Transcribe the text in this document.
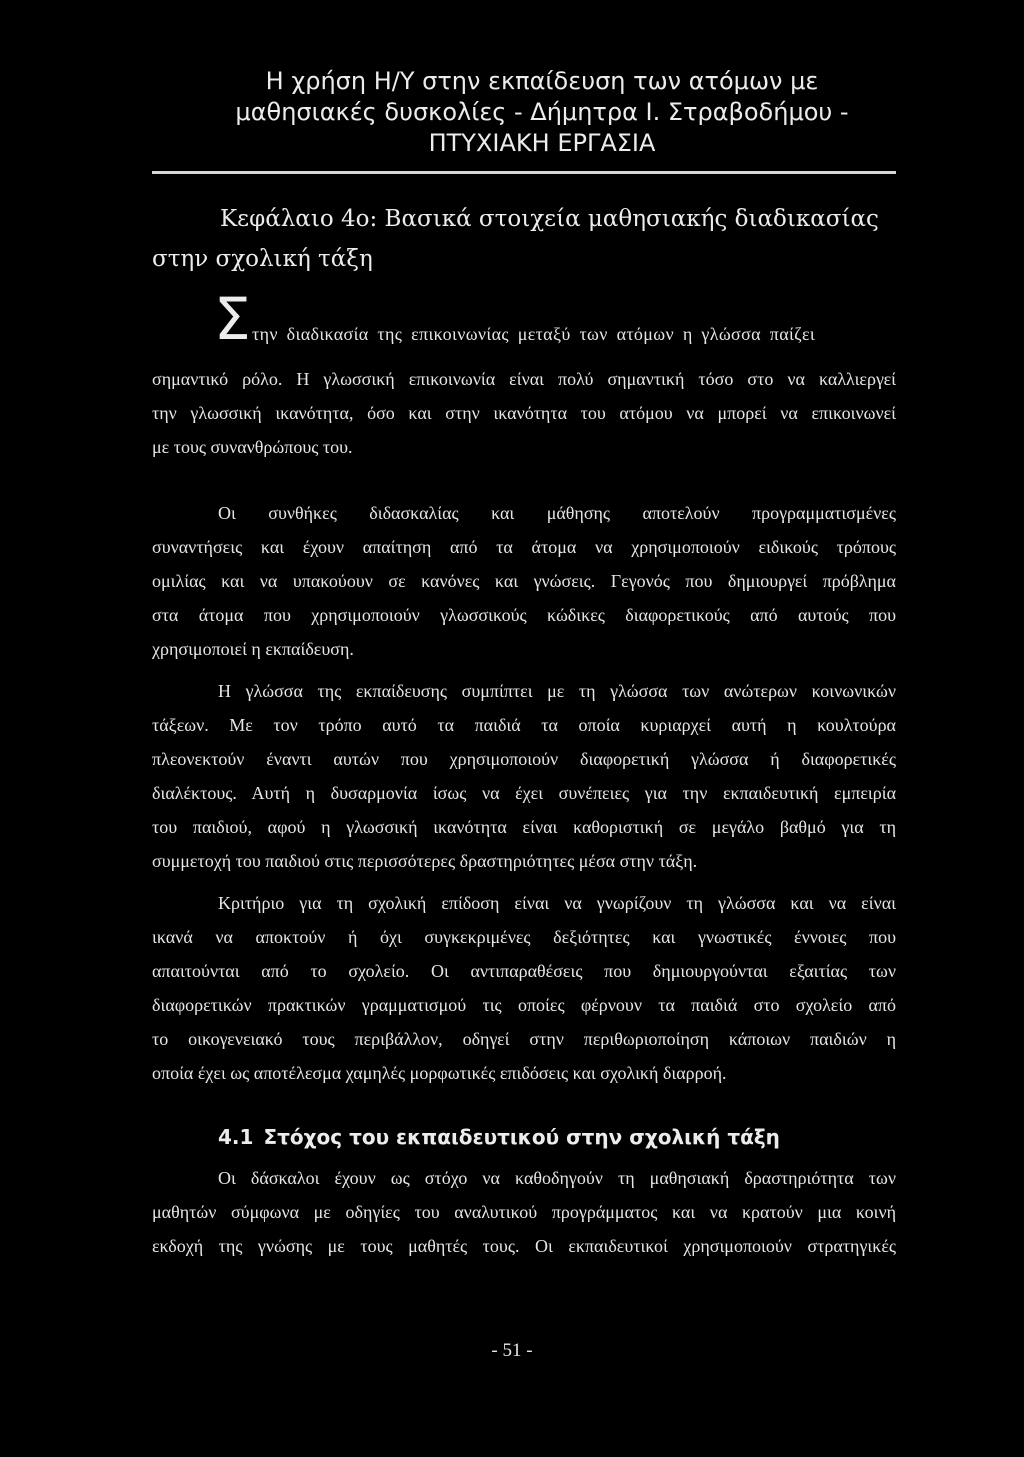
Η χρήση Η/Υ στην εκπαίδευση των ατόμων με
μαθησιακές δυσκολίες - Δήμητρα Ι. Στραβοδήμου -
ΠΤΥΧΙΑΚΗ ΕΡΓΑΣΙΑ
Κεφάλαιο 4ο: Βασικά στοιχεία μαθησιακής διαδικασίας
στην σχολική τάξη
Σ την διαδικασία της επικοινωνίας μεταξύ των ατόμων η γλώσσα παίζει
σημαντικό ρόλο. Η γλωσσική επικοινωνία είναι πολύ σημαντική τόσο στο να καλλιεργεί
την γλωσσική ικανότητα, όσο και στην ικανότητα του ατόμου να μπορεί να επικοινωνεί
με τους συνανθρώπους του.
Οι συνθήκες διδασκαλίας και μάθησης αποτελούν προγραμματισμένες
συναντήσεις και έχουν απαίτηση από τα άτομα να χρησιμοποιούν ειδικούς τρόπους
ομιλίας και να υπακούουν σε κανόνες και γνώσεις. Γεγονός που δημιουργεί πρόβλημα
στα άτομα που χρησιμοποιούν γλωσσικούς κώδικες διαφορετικούς από αυτούς που
χρησιμοποιεί η εκπαίδευση.
Η γλώσσα της εκπαίδευσης συμπίπτει με τη γλώσσα των ανώτερων κοινωνικών
τάξεων. Με τον τρόπο αυτό τα παιδιά τα οποία κυριαρχεί αυτή η κουλτούρα
πλεονεκτούν έναντι αυτών που χρησιμοποιούν διαφορετική γλώσσα ή διαφορετικές
διαλέκτους. Αυτή η δυσαρμονία ίσως να έχει συνέπειες για την εκπαιδευτική εμπειρία
του παιδιού, αφού η γλωσσική ικανότητα είναι καθοριστική σε μεγάλο βαθμό για τη
συμμετοχή του παιδιού στις περισσότερες δραστηριότητες μέσα στην τάξη.
Κριτήριο για τη σχολική επίδοση είναι να γνωρίζουν τη γλώσσα και να είναι
ικανά να αποκτούν ή όχι συγκεκριμένες δεξιότητες και γνωστικές έννοιες που
απαιτούνται από το σχολείο. Οι αντιπαραθέσεις που δημιουργούνται εξαιτίας των
διαφορετικών πρακτικών γραμματισμού τις οποίες φέρνουν τα παιδιά στο σχολείο από
το οικογενειακό τους περιβάλλον, οδηγεί στην περιθωριοποίηση κάποιων παιδιών η
οποία έχει ως αποτέλεσμα χαμηλές μορφωτικές επιδόσεις και σχολική διαρροή.
4.1 Στόχος του εκπαιδευτικού στην σχολική τάξη
Οι δάσκαλοι έχουν ως στόχο να καθοδηγούν τη μαθησιακή δραστηριότητα των
μαθητών σύμφωνα με οδηγίες του αναλυτικού προγράμματος και να κρατούν μια κοινή
εκδοχή της γνώσης με τους μαθητές τους. Οι εκπαιδευτικοί χρησιμοποιούν στρατηγικές
- 51 -
